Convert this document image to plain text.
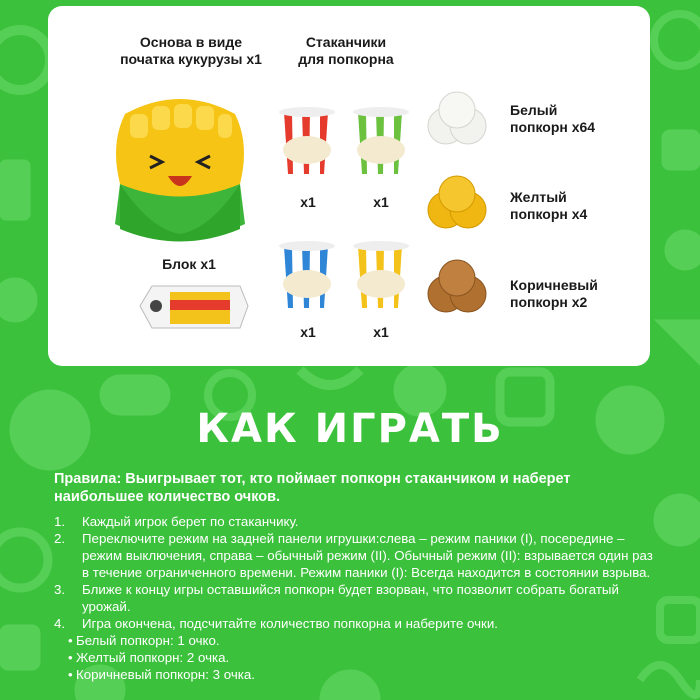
Основа в виде
початка кукурузы x1
Блок x1
Стаканчики
для попкорна
x1	x1
x1	x1
Белый
попкорн x64
Желтый
попкорн x4
Коричневый
попкорн x2
КАК ИГРАТЬ
Правила: Выигрывает тот, кто поймает попкорн стаканчиком и наберет наибольшее количество очков.
1. Каждый игрок берет по стаканчику.
2. Переключите режим на задней панели игрушки:слева – режим паники (I), посередине – режим выключения, справа – обычный режим (II). Обычный режим (II): взрывается один раз в течение ограниченного времени. Режим паники (I): Всегда находится в состоянии взрыва.
3. Ближе к концу игры оставшийся попкорн будет взорван, что позволит собрать богатый урожай.
4. Игра окончена, подсчитайте количество попкорна и наберите очки.
• Белый попкорн: 1 очко.
• Желтый попкорн: 2 очка.
• Коричневый попкорн: 3 очка.
